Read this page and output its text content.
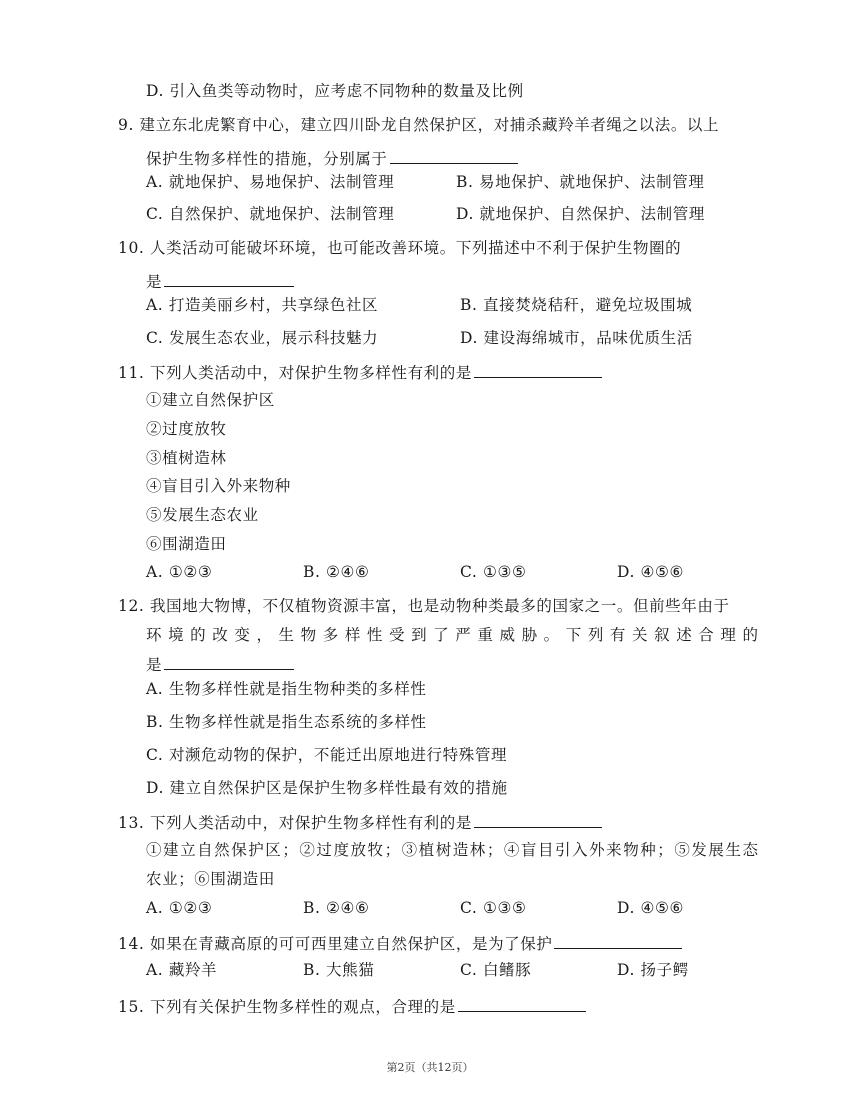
D. 引入鱼类等动物时，应考虑不同物种的数量及比例
9. 建立东北虎繁育中心，建立四川卧龙自然保护区，对捕杀藏羚羊者绳之以法。以上
保护生物多样性的措施，分别属于
A. 就地保护、易地保护、法制管理	B. 易地保护、就地保护、法制管理
C. 自然保护、就地保护、法制管理	D. 就地保护、自然保护、法制管理
10. 人类活动可能破坏环境，也可能改善环境。下列描述中不利于保护生物圈的
是
A. 打造美丽乡村，共享绿色社区	B. 直接焚烧秸秆，避免垃圾围城
C. 发展生态农业，展示科技魅力	D. 建设海绵城市，品味优质生活
11. 下列人类活动中，对保护生物多样性有利的是
①建立自然保护区
②过度放牧
③植树造林
④盲目引入外来物种
⑤发展生态农业
⑥围湖造田
A. ①②③	B. ②④⑥	C. ①③⑤	D. ④⑤⑥
12. 我国地大物博，不仅植物资源丰富，也是动物种类最多的国家之一。但前些年由于
环境的改变，生物多样性受到了严重威胁。下列有关叙述合理的
是
A. 生物多样性就是指生物种类的多样性
B. 生物多样性就是指生态系统的多样性
C. 对濒危动物的保护，不能迁出原地进行特殊管理
D. 建立自然保护区是保护生物多样性最有效的措施
13. 下列人类活动中，对保护生物多样性有利的是
①建立自然保护区；②过度放牧；③植树造林；④盲目引入外来物种；⑤发展生态
农业；⑥围湖造田
A. ①②③	B. ②④⑥	C. ①③⑤	D. ④⑤⑥
14. 如果在青藏高原的可可西里建立自然保护区，是为了保护
A. 藏羚羊	B. 大熊猫	C. 白鳍豚	D. 扬子鳄
15. 下列有关保护生物多样性的观点，合理的是
第2页（共12页）
